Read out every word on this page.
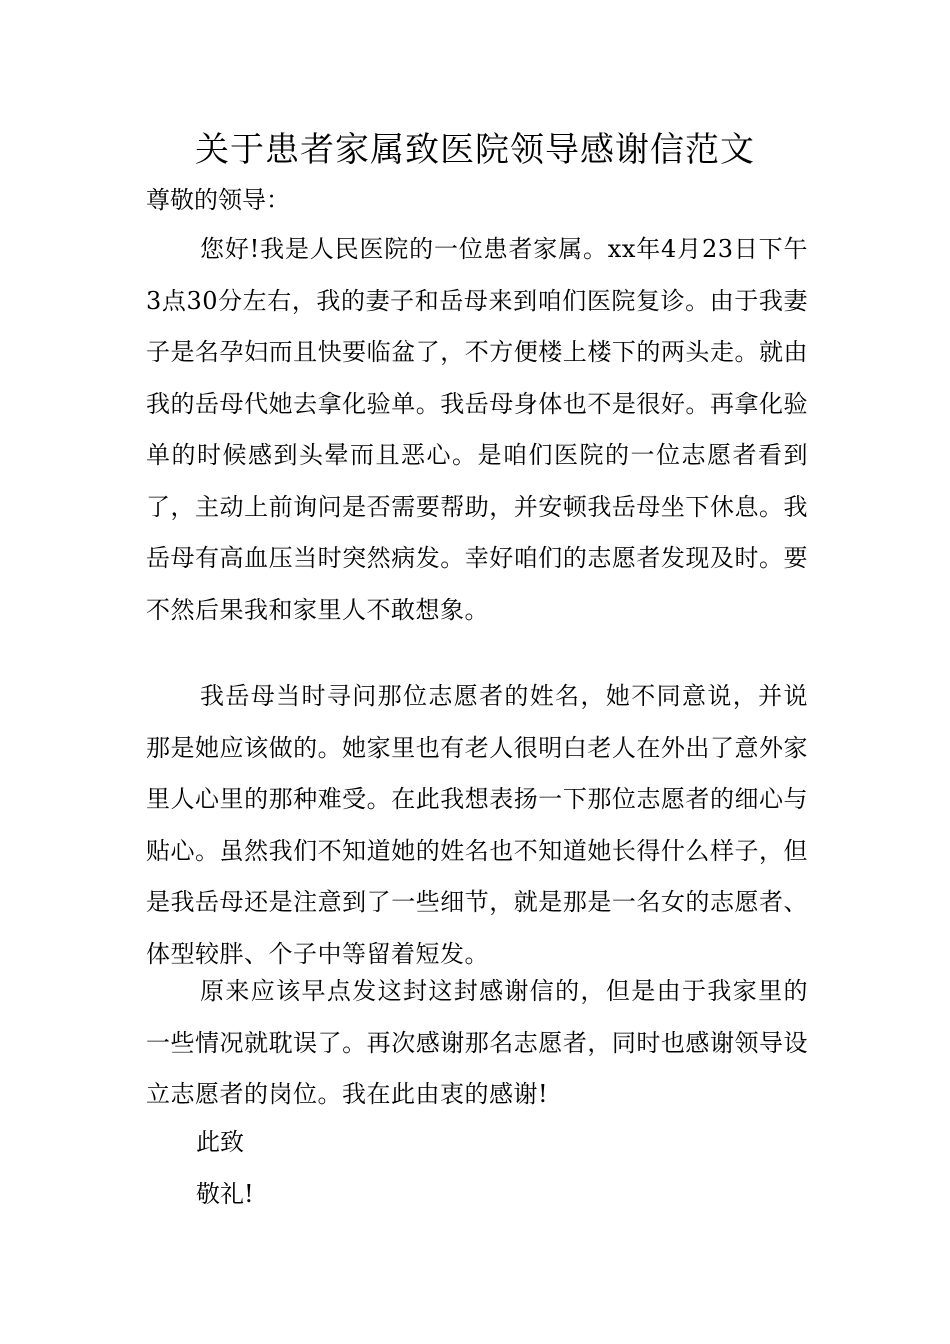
关于患者家属致医院领导感谢信范文
尊敬的领导：

您好!我是人民医院的一位患者家属。xx年4月23日下午3点30分左右，我的妻子和岳母来到咱们医院复诊。由于我妻子是名孕妇而且快要临盆了，不方便楼上楼下的两头走。就由我的岳母代她去拿化验单。我岳母身体也不是很好。再拿化验单的时候感到头晕而且恶心。是咱们医院的一位志愿者看到了，主动上前询问是否需要帮助，并安顿我岳母坐下休息。我岳母有高血压当时突然病发。幸好咱们的志愿者发现及时。要不然后果我和家里人不敢想象。

我岳母当时寻问那位志愿者的姓名，她不同意说，并说那是她应该做的。她家里也有老人很明白老人在外出了意外家里人心里的那种难受。在此我想表扬一下那位志愿者的细心与贴心。虽然我们不知道她的姓名也不知道她长得什么样子，但是我岳母还是注意到了一些细节，就是那是一名女的志愿者、体型较胖、个子中等留着短发。

原来应该早点发这封这封感谢信的，但是由于我家里的一些情况就耽误了。再次感谢那名志愿者，同时也感谢领导设立志愿者的岗位。我在此由衷的感谢!

此致
敬礼!
